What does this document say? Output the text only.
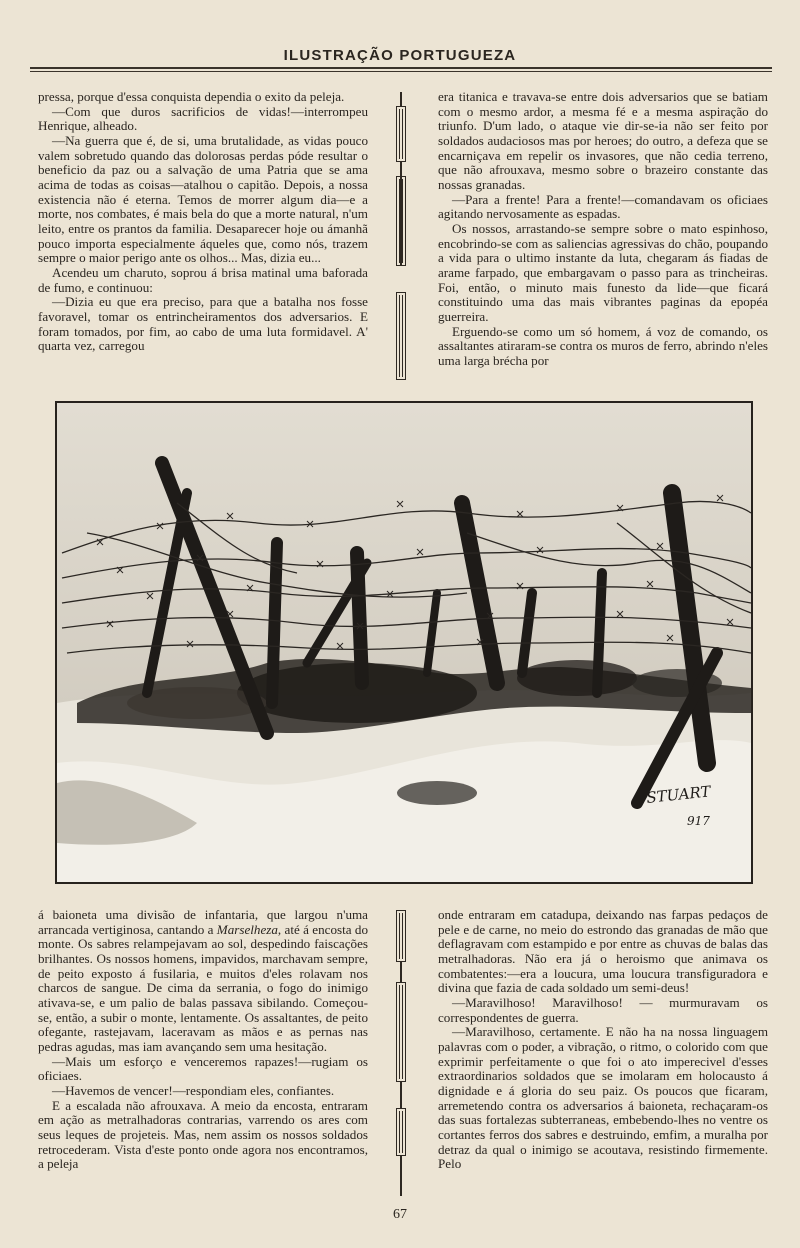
ILUSTRAÇÃO PORTUGUEZA

pressa, porque d'essa conquista dependia o exito da peleja.

—Com que duros sacrificios de vidas!—interrompeu Henrique, alheado.

—Na guerra que é, de si, uma brutalidade, as vidas pouco valem sobretudo quando das dolorosas perdas póde resultar o beneficio da paz ou a salvação de uma Patria que se ama acima de todas as coisas—atalhou o capitão. Depois, a nossa existencia não é eterna. Temos de morrer algum dia—e a morte, nos combates, é mais bela do que a morte natural, n'um leito, entre os prantos da familia. Desaparecer hoje ou ámanhã pouco importa especialmente áqueles que, como nós, trazem sempre o maior perigo ante os olhos... Mas, dizia eu...

Acendeu um charuto, soprou á brisa matinal uma baforada de fumo, e continuou:

—Dizia eu que era preciso, para que a batalha nos fosse favoravel, tomar os entrincheiramentos dos adversarios. E foram tomados, por fim, ao cabo de uma luta formidavel. A' quarta vez, carregou

era titanica e travava-se entre dois adversarios que se batiam com o mesmo ardor, a mesma fé e a mesma aspiração do triunfo. D'um lado, o ataque vie dir-se-ia não ser feito por soldados audaciosos mas por heroes; do outro, a defeza que se encarniçava em repelir os invasores, que não cedia terreno, que não afrouxava, mesmo sobre o brazeiro constante das nossas granadas.

—Para a frente! Para a frente!—comandavam os oficiaes agitando nervosamente as espadas.

Os nossos, arrastando-se sempre sobre o mato espinhoso, encobrindo-se com as saliencias agressivas do chão, poupando a vida para o ultimo instante da luta, chegaram ás fiadas de arame farpado, que embargavam o passo para as trincheiras. Foi, então, o minuto mais funesto da lide—que ficará constituindo uma das mais vibrantes paginas da epopéa guerreira.

Erguendo-se como um só homem, á voz de comando, os assaltantes atiraram-se contra os muros de ferro, abrindo n'eles uma larga brécha por

STUART
917

á baioneta uma divisão de infantaria, que largou n'uma arrancada vertiginosa, cantando a Marselheza, até á encosta do monte. Os sabres relampejavam ao sol, despedindo faiscações brilhantes. Os nossos homens, impavidos, marchavam sempre, de peito exposto á fusilaria, e muitos d'eles rolavam nos charcos de sangue. De cima da serrania, o fogo do inimigo ativava-se, e um palio de balas passava sibilando. Começou-se, então, a subir o monte, lentamente. Os assaltantes, de peito ofegante, rastejavam, laceravam as mãos e as pernas nas pedras agudas, mas iam avançando sem uma hesitação.

—Mais um esforço e venceremos rapazes!—rugiam os oficiaes.

—Havemos de vencer!—respondiam eles, confiantes.

E a escalada não afrouxava. A meio da encosta, entraram em ação as metralhadoras contrarias, varrendo os ares com seus leques de projeteis. Mas, nem assim os nossos soldados retrocederam. Vista d'este ponto onde agora nos encontramos, a peleja

onde entraram em catadupa, deixando nas farpas pedaços de pele e de carne, no meio do estrondo das granadas de mão que deflagravam com estampido e por entre as chuvas de balas das metralhadoras. Não era já o heroismo que animava os combatentes:—era a loucura, uma loucura transfiguradora e divina que fazia de cada soldado um semi-deus!

—Maravilhoso! Maravilhoso! — murmuravam os correspondentes de guerra.

—Maravilhoso, certamente. E não ha na nossa linguagem palavras com o poder, a vibração, o ritmo, o colorido com que exprimir perfeitamente o que foi o ato imperecivel d'esses extraordinarios soldados que se imolaram em holocausto á dignidade e á gloria do seu paiz. Os poucos que ficaram, arremetendo contra os adversarios á baioneta, rechaçaram-os das suas fortalezas subterraneas, embebendo-lhes no ventre os cortantes ferros dos sabres e destruindo, emfim, a muralha por detraz da qual o inimigo se acoutava, resistindo firmemente. Pelo

67
